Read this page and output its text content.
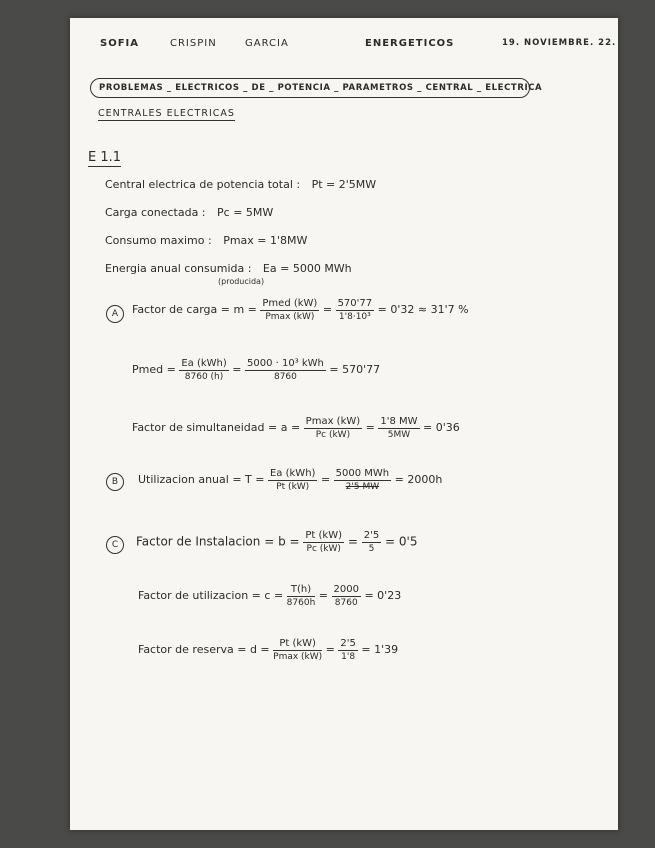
SOFIA	CRISPIN	GARCIA	ENERGETICOS	19. NOVIEMBRE. 22.
PROBLEMAS _ ELECTRICOS _ DE _ POTENCIA _ PARAMETROS _ CENTRAL _ ELECTRICA
CENTRALES ELECTRICAS
E 1.1
Central electrica de potencia total : Pt = 2'5MW
Carga conectada : Pc = 5MW
Consumo maximo : Pmax = 1'8MW
Energia anual consumida : Ea = 5000 MWh
(producida)
A	Factor de carga = $m = \frac{\text{Pmed (kW)}}{Pmax (kW)} = \frac{570'77}{\text{1'8·10³}} = 0'32 \approx 31'7$ %
Pmed = $\frac{\text{Ea (kWh)}}{8760 (h)} = \frac{\text{5000 · 10³ kWh}}{8760} = 570'77$
Factor de simultaneidad = $a = \frac{Pmax (kW)}{Pc (kW)} = \frac{1'8 MW}{5MW} = 0'36$
B	Utilizacion anual = $T = \frac{\text{Ea (kWh)}}{Pt (kW)} = \frac{\text{5000 MWh}}{2'5 MW} = 2000h$
C	Factor de Instalacion = $b = \frac{Pt (kW)}{Pc (kW)} = \frac{2'5}{5} = 0'5$
Factor de utilizacion = $c = \frac{T(h)}{8760h} = \frac{2000}{8760} = 0'23$
Factor de reserva = $d = \frac{Pt (kW)}{Pmax (kW)} = \frac{2'5}{1'8} = 1'39$
